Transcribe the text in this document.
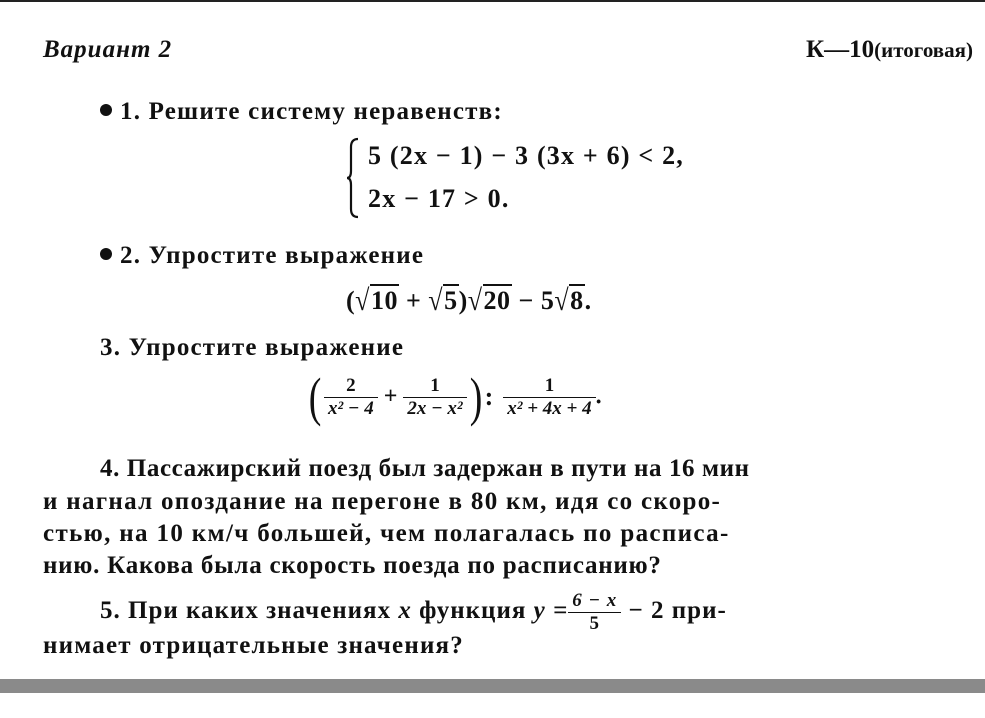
Вариант 2	К—10(итоговая)
1. Решите систему неравенств:
5 (2x − 1) − 3 (3x + 6) < 2,
2x − 17 > 0.
2. Упростите выражение
(√10 + √5)√20 − 5√8.
3. Упростите выражение
( $\frac{2}{\text{x² − 4}} + \frac{1}{\text{2x − x²}}$ ) : $\frac{1}{\text{x² + 4x + 4}}$ .
4. Пассажирский поезд был задержан в пути на 16 мин
и нагнал опоздание на перегоне в 80 км, идя со скоро-
стью, на 10 км/ч большей, чем полагалась по расписа-
нию. Какова была скорость поезда по расписанию?
5. При каких значениях x функция $y = \frac{6 - x}{5} - 2$ при-
нимает отрицательные значения?
